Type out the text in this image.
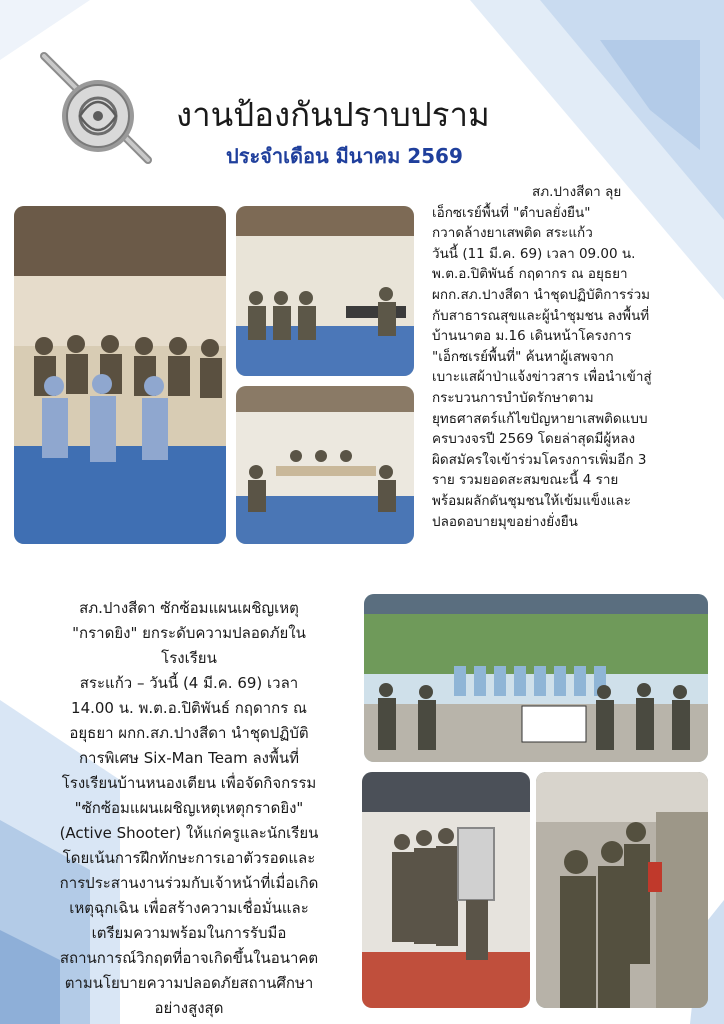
งานป้องกันปราบปราม
ประจำเดือน มีนาคม 2569

สภ.ปางสีดา ลุย

เอ็กซเรย์พื้นที่ "ตำบลยั่งยืน"

กวาดล้างยาเสพติด สระแก้ว

วันนี้ (11 มี.ค. 69) เวลา 09.00 น.

พ.ต.อ.ปิติพันธ์ กฤดากร ณ อยุธยา

ผกก.สภ.ปางสีดา นำชุดปฏิบัติการร่วม

กับสาธารณสุขและผู้นำชุมชน ลงพื้นที่

บ้านนาตอ ม.16 เดินหน้าโครงการ

"เอ็กซเรย์พื้นที่" ค้นหาผู้เสพจาก

เบาะแสผ้าป่าแจ้งข่าวสาร เพื่อนำเข้าสู่

กระบวนการบำบัดรักษาตาม

ยุทธศาสตร์แก้ไขปัญหายาเสพติดแบบ

ครบวงจรปี 2569 โดยล่าสุดมีผู้หลง

ผิดสมัครใจเข้าร่วมโครงการเพิ่มอีก 3

ราย รวมยอดสะสมขณะนี้ 4 ราย

พร้อมผลักดันชุมชนให้เข้มแข็งและ

ปลอดอบายมุขอย่างยั่งยืน

สภ.ปางสีดา ซักซ้อมแผนเผชิญเหตุ

"กราดยิง" ยกระดับความปลอดภัยใน

โรงเรียน

สระแก้ว – วันนี้ (4 มี.ค. 69) เวลา

14.00 น. พ.ต.อ.ปิติพันธ์ กฤดากร ณ

อยุธยา ผกก.สภ.ปางสีดา นำชุดปฏิบัติ

การพิเศษ Six-Man Team ลงพื้นที่

โรงเรียนบ้านหนองเตียน เพื่อจัดกิจกรรม

"ซักซ้อมแผนเผชิญเหตุเหตุกราดยิง"

(Active Shooter) ให้แก่ครูและนักเรียน

โดยเน้นการฝึกทักษะการเอาตัวรอดและ

การประสานงานร่วมกับเจ้าหน้าที่เมื่อเกิด

เหตุฉุกเฉิน เพื่อสร้างความเชื่อมั่นและ

เตรียมความพร้อมในการรับมือ

สถานการณ์วิกฤตที่อาจเกิดขึ้นในอนาคต

ตามนโยบายความปลอดภัยสถานศึกษา

อย่างสูงสุด
